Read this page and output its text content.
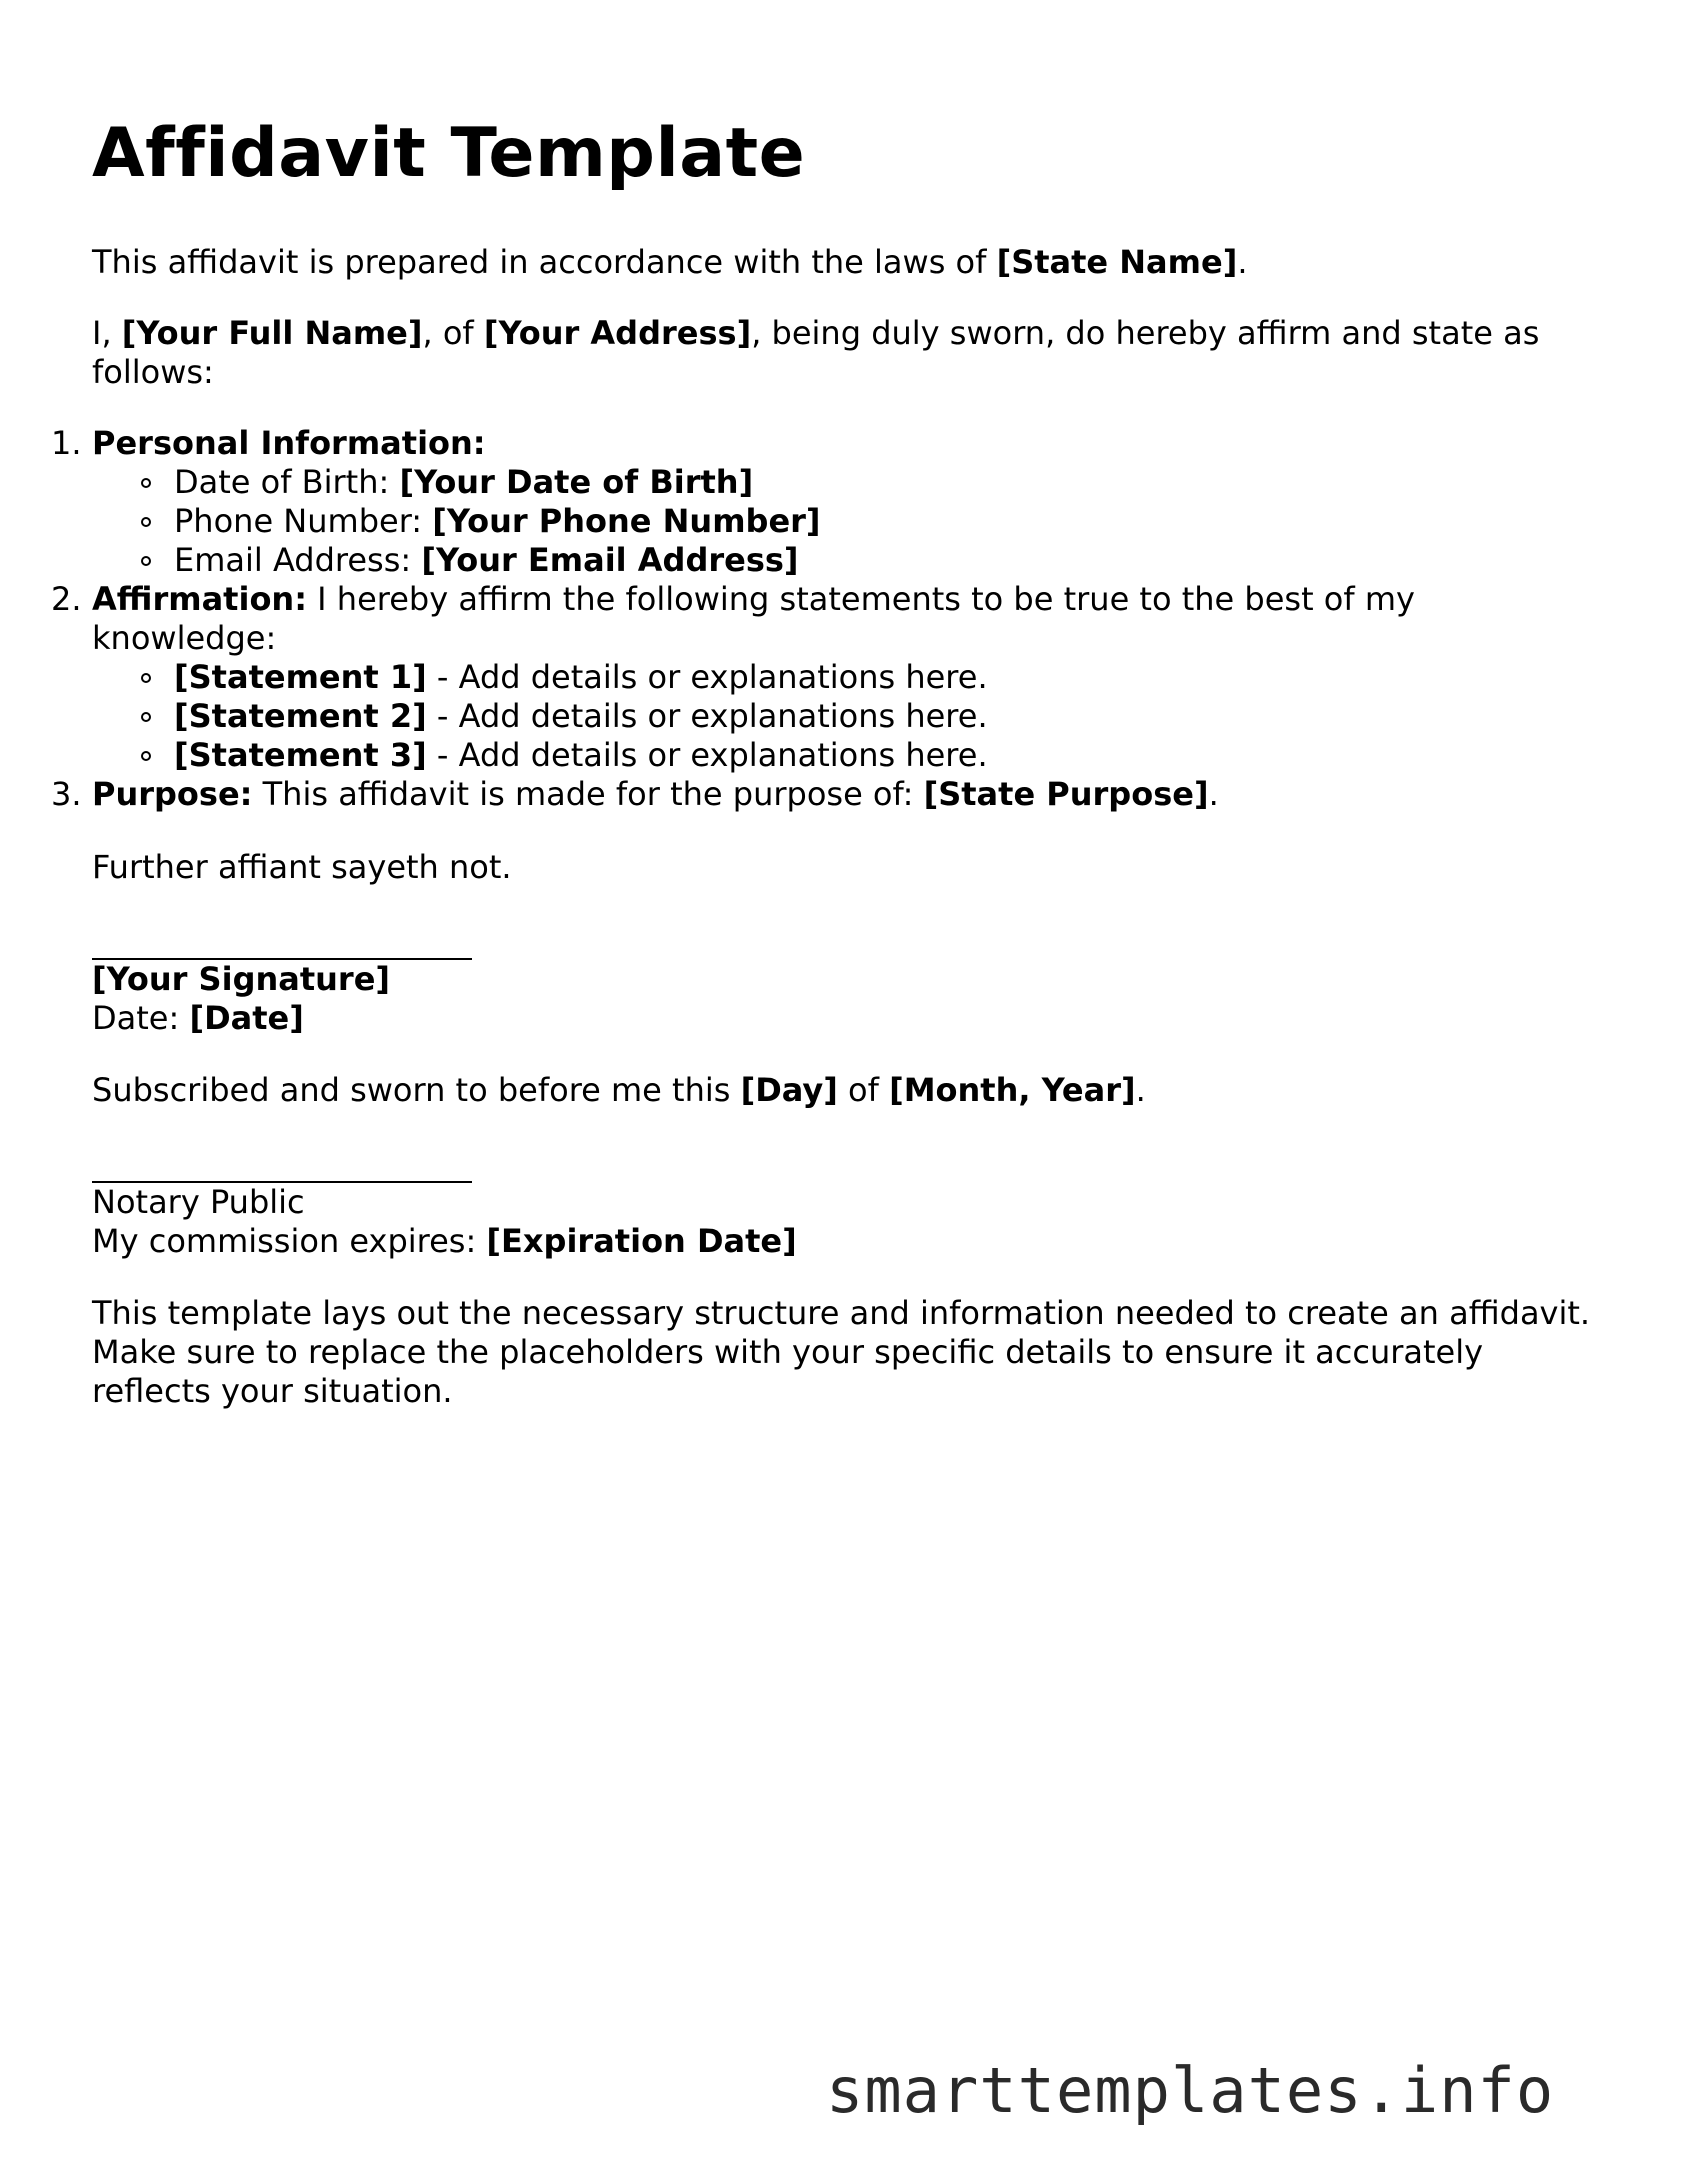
Affidavit Template

This affidavit is prepared in accordance with the laws of [State Name].

I, [Your Full Name], of [Your Address], being duly sworn, do hereby affirm and state as follows:

1. Personal Information:
Date of Birth: [Your Date of Birth]
Phone Number: [Your Phone Number]
Email Address: [Your Email Address]
2. Affirmation: I hereby affirm the following statements to be true to the best of my knowledge:
[Statement 1] - Add details or explanations here.
[Statement 2] - Add details or explanations here.
[Statement 3] - Add details or explanations here.
3. Purpose: This affidavit is made for the purpose of: [State Purpose].

Further affiant sayeth not.

[Your Signature]

Date: [Date]

Subscribed and sworn to before me this [Day] of [Month, Year].

Notary Public

My commission expires: [Expiration Date]

This template lays out the necessary structure and information needed to create an affidavit. Make sure to replace the placeholders with your specific details to ensure it accurately reflects your situation.

smarttemplates.info
